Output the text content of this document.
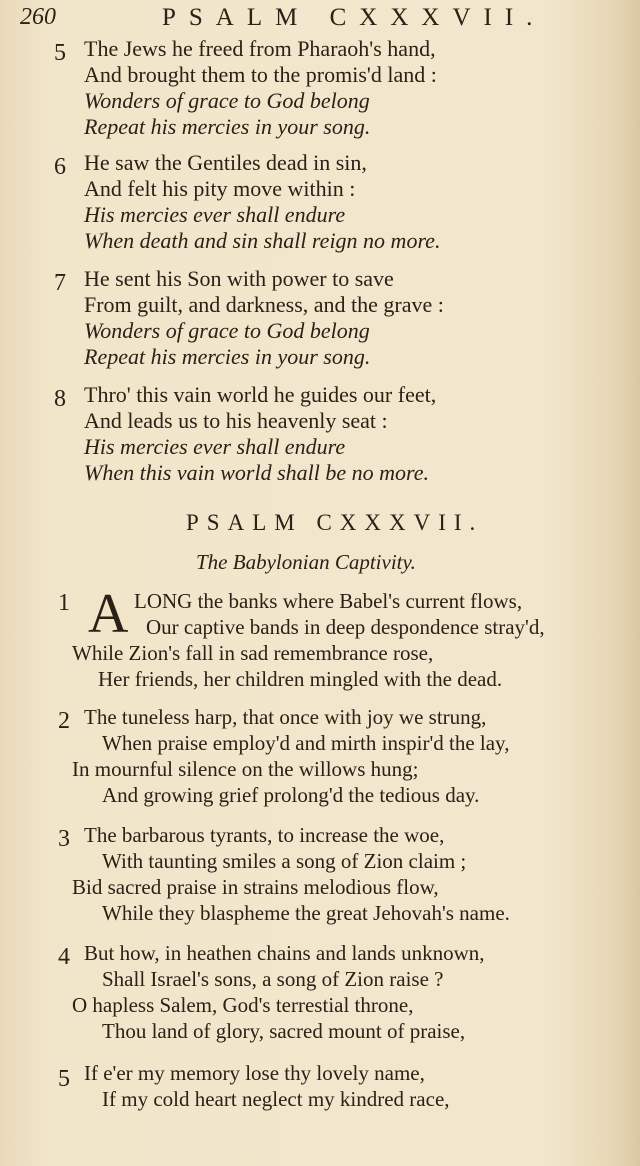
260	PSALM CXXXVII.
5 The Jews he freed from Pharaoh's hand,
And brought them to the promis'd land :
Wonders of grace to God belong
Repeat his mercies in your song.
6 He saw the Gentiles dead in sin,
And felt his pity move within :
His mercies ever shall endure
When death and sin shall reign no more.
7 He sent his Son with power to save
From guilt, and darkness, and the grave :
Wonders of grace to God belong
Repeat his mercies in your song.
8 Thro' this vain world he guides our feet,
And leads us to his heavenly seat :
His mercies ever shall endure
When this vain world shall be no more.
PSALM CXXXVII.
The Babylonian Captivity.
1 A LONG the banks where Babel's current flows,
Our captive bands in deep despondence stray'd,
While Zion's fall in sad remembrance rose,
Her friends, her children mingled with the dead.
2 The tuneless harp, that once with joy we strung,
When praise employ'd and mirth inspir'd the lay,
In mournful silence on the willows hung;
And growing grief prolong'd the tedious day.
3 The barbarous tyrants, to increase the woe,
With taunting smiles a song of Zion claim ;
Bid sacred praise in strains melodious flow,
While they blaspheme the great Jehovah's name.
4 But how, in heathen chains and lands unknown,
Shall Israel's sons, a song of Zion raise ?
O hapless Salem, God's terrestial throne,
Thou land of glory, sacred mount of praise,
5 If e'er my memory lose thy lovely name,
If my cold heart neglect my kindred race,
